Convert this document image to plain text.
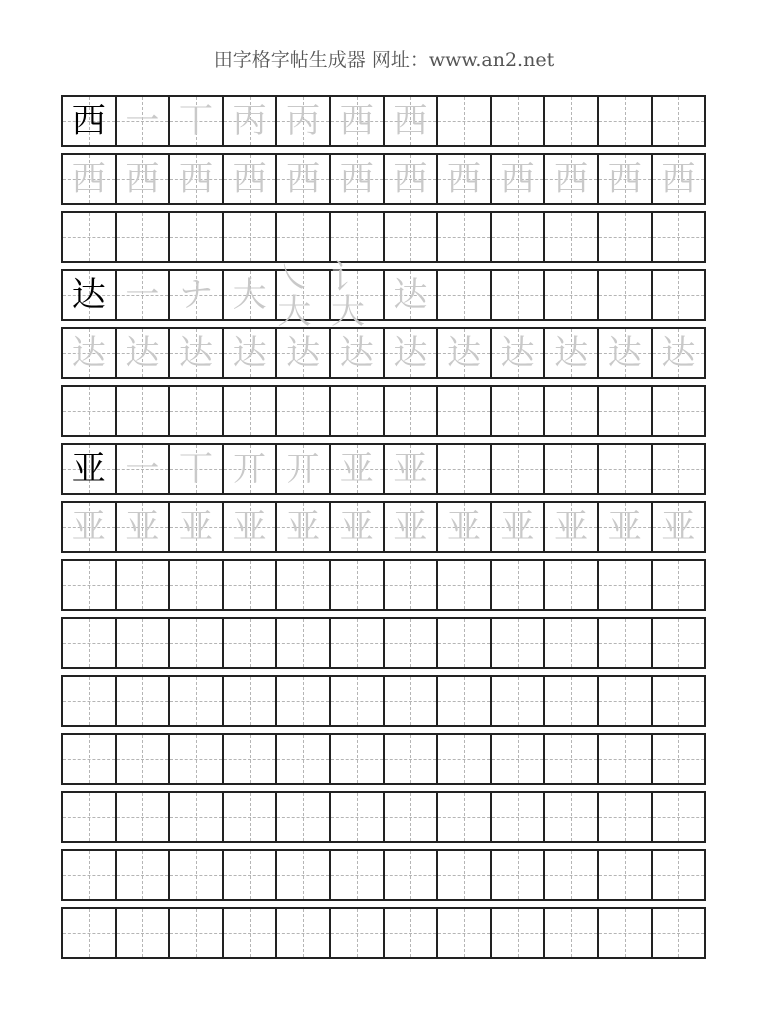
田字格字帖生成器 网址：www.an2.net
西 一 丅 丙 丙 西 西
西 西 西 西 西 西 西 西 西 西 西 西
达 一 ナ 大 ㇏大
讠大 达
达 达 达 达 达 达 达 达 达 达 达 达
亚 一 丅 丌 丌 亚 亚
亚 亚 亚 亚 亚 亚 亚 亚 亚 亚 亚 亚
